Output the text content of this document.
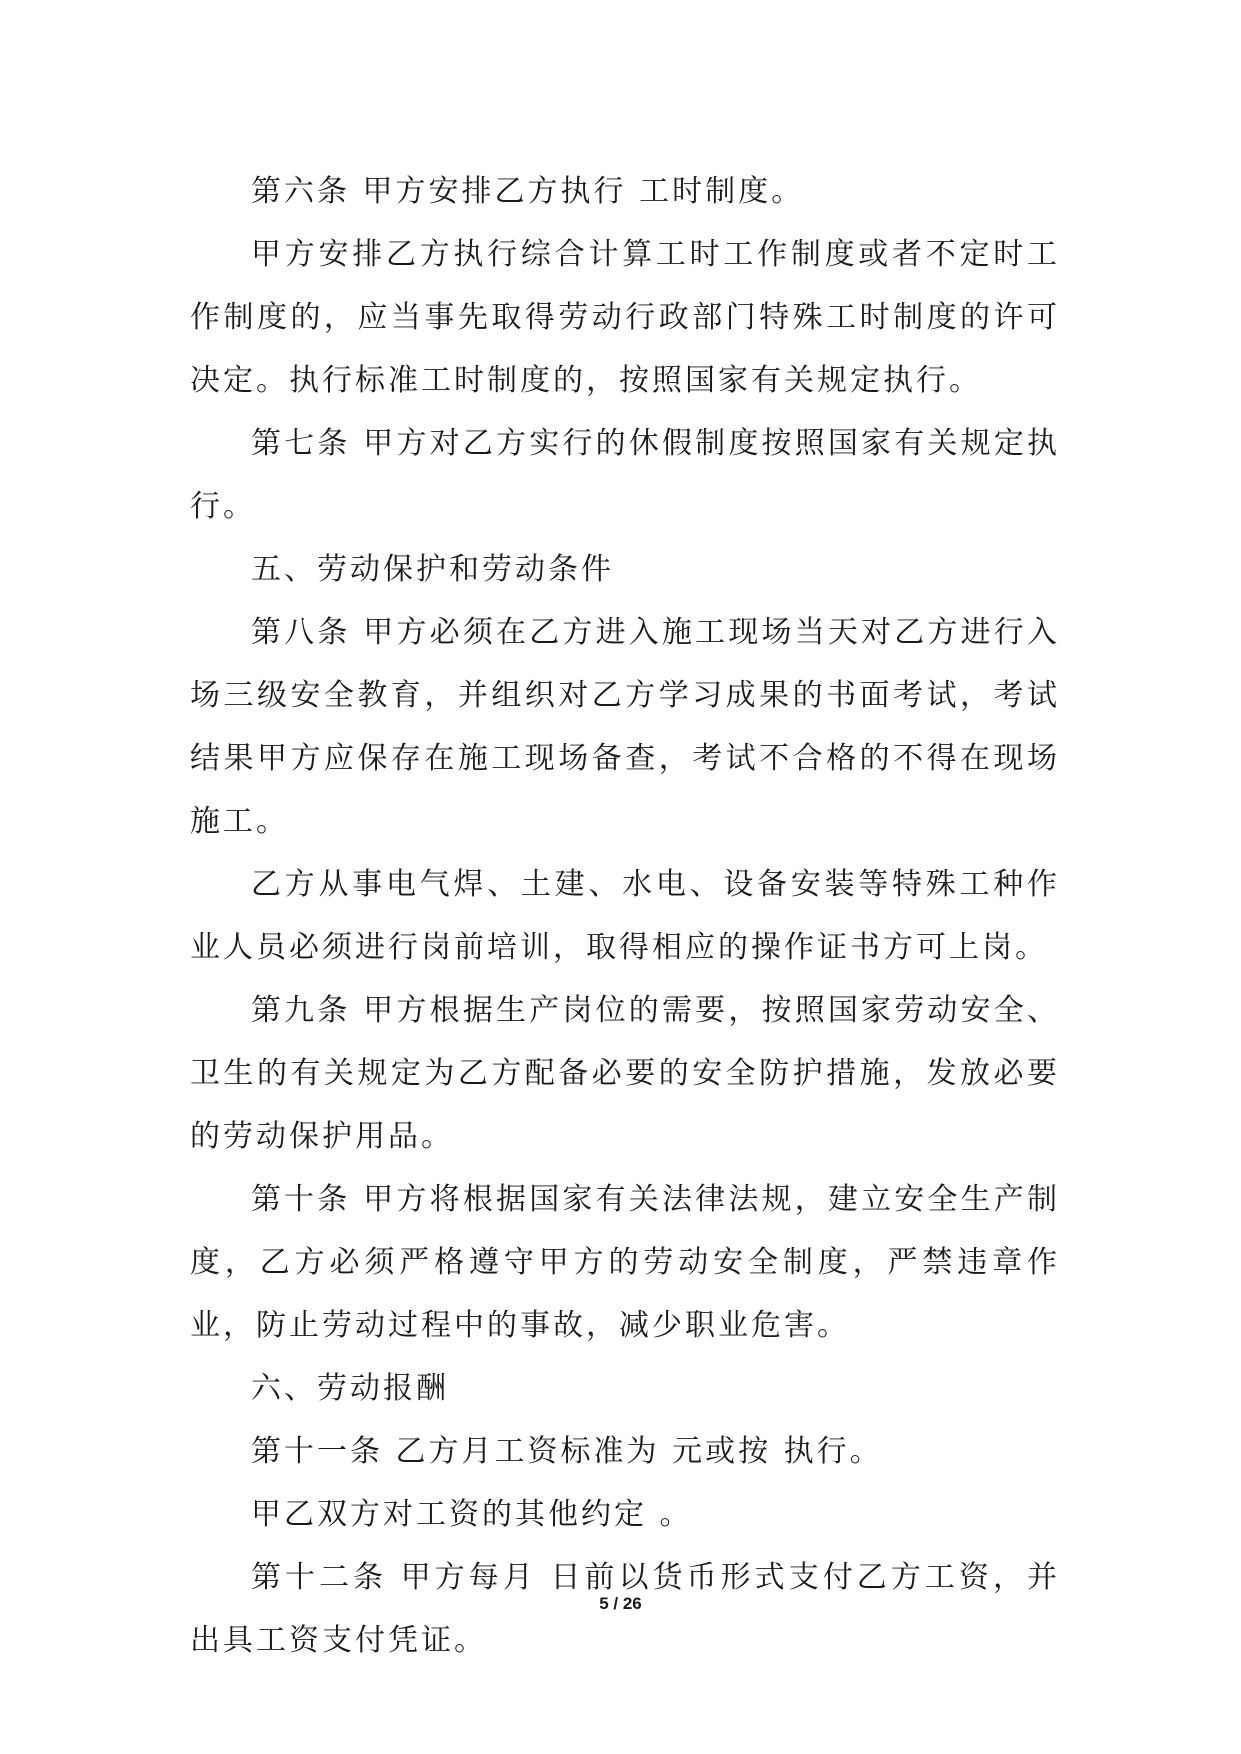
第六条 甲方安排乙方执行 工时制度。

甲方安排乙方执行综合计算工时工作制度或者不定时工作制度的，应当事先取得劳动行政部门特殊工时制度的许可决定。执行标准工时制度的，按照国家有关规定执行。

第七条 甲方对乙方实行的休假制度按照国家有关规定执行。

五、劳动保护和劳动条件

第八条 甲方必须在乙方进入施工现场当天对乙方进行入场三级安全教育，并组织对乙方学习成果的书面考试，考试结果甲方应保存在施工现场备查，考试不合格的不得在现场施工。

乙方从事电气焊、土建、水电、设备安装等特殊工种作业人员必须进行岗前培训，取得相应的操作证书方可上岗。

第九条 甲方根据生产岗位的需要，按照国家劳动安全、卫生的有关规定为乙方配备必要的安全防护措施，发放必要的劳动保护用品。

第十条 甲方将根据国家有关法律法规，建立安全生产制度，乙方必须严格遵守甲方的劳动安全制度，严禁违章作业，防止劳动过程中的事故，减少职业危害。

六、劳动报酬

第十一条 乙方月工资标准为 元或按 执行。

甲乙双方对工资的其他约定 。

第十二条 甲方每月 日前以货币形式支付乙方工资，并出具工资支付凭证。

5 / 26
